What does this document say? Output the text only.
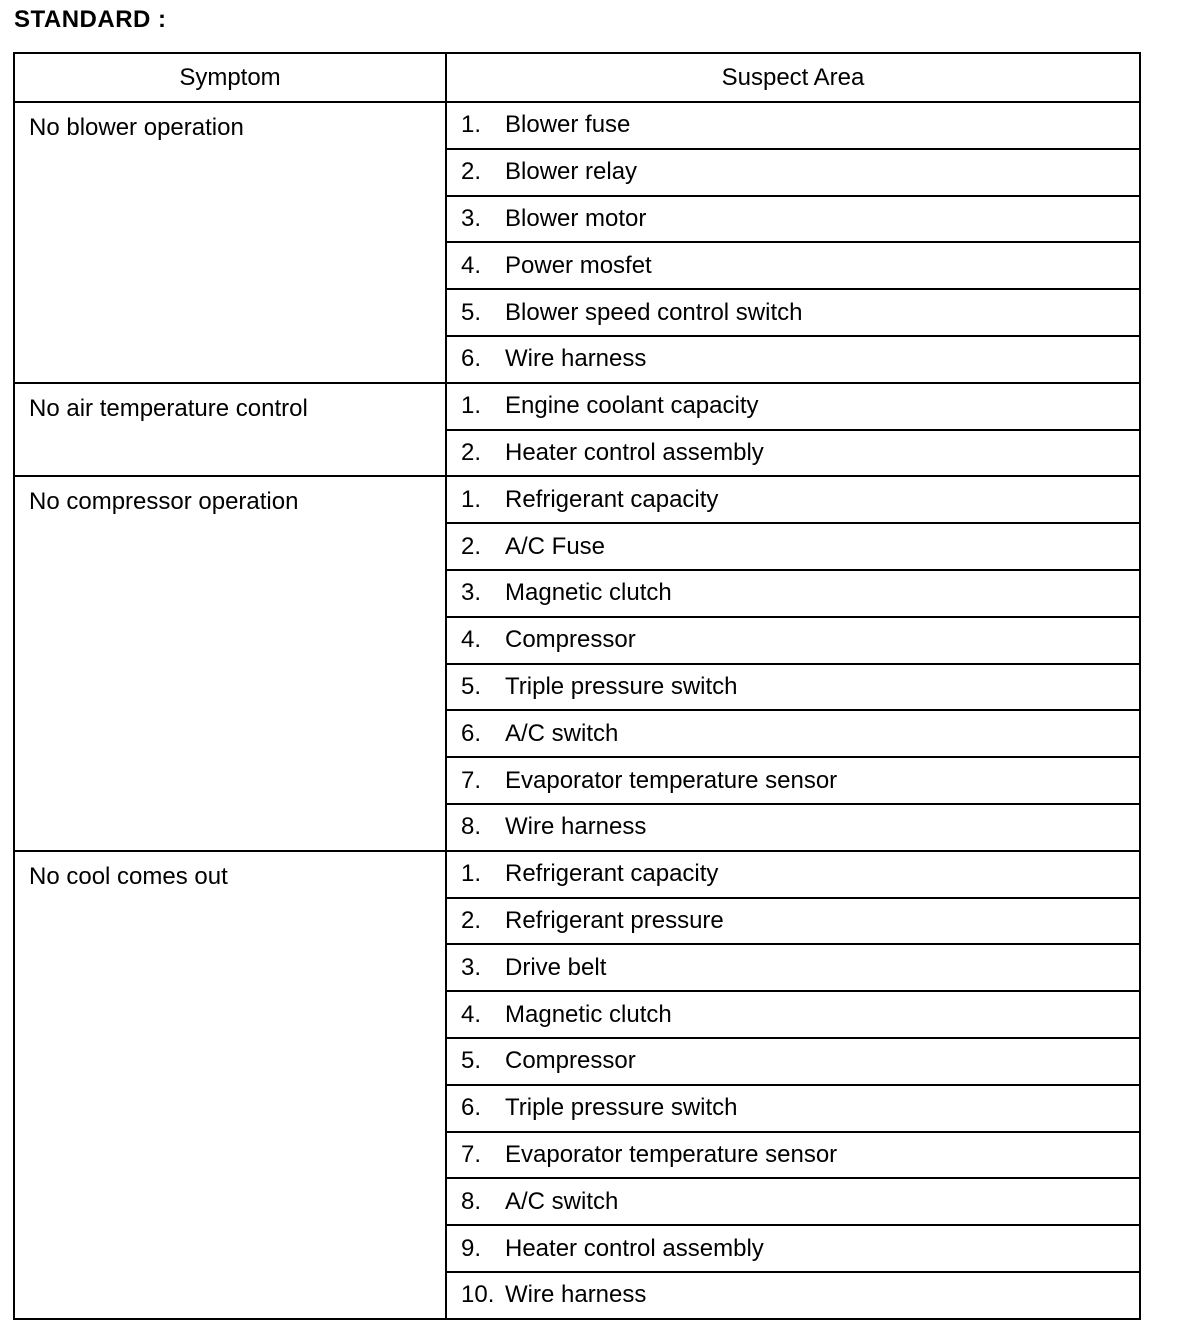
STANDARD :
Symptom	Suspect Area
No blower operation	1. Blower fuse
	2. Blower relay
	3. Blower motor
	4. Power mosfet
	5. Blower speed control switch
	6. Wire harness
No air temperature control	1. Engine coolant capacity
	2. Heater control assembly
No compressor operation	1. Refrigerant capacity
	2. A/C Fuse
	3. Magnetic clutch
	4. Compressor
	5. Triple pressure switch
	6. A/C switch
	7. Evaporator temperature sensor
	8. Wire harness
No cool comes out	1. Refrigerant capacity
	2. Refrigerant pressure
	3. Drive belt
	4. Magnetic clutch
	5. Compressor
	6. Triple pressure switch
	7. Evaporator temperature sensor
	8. A/C switch
	9. Heater control assembly
	10. Wire harness
